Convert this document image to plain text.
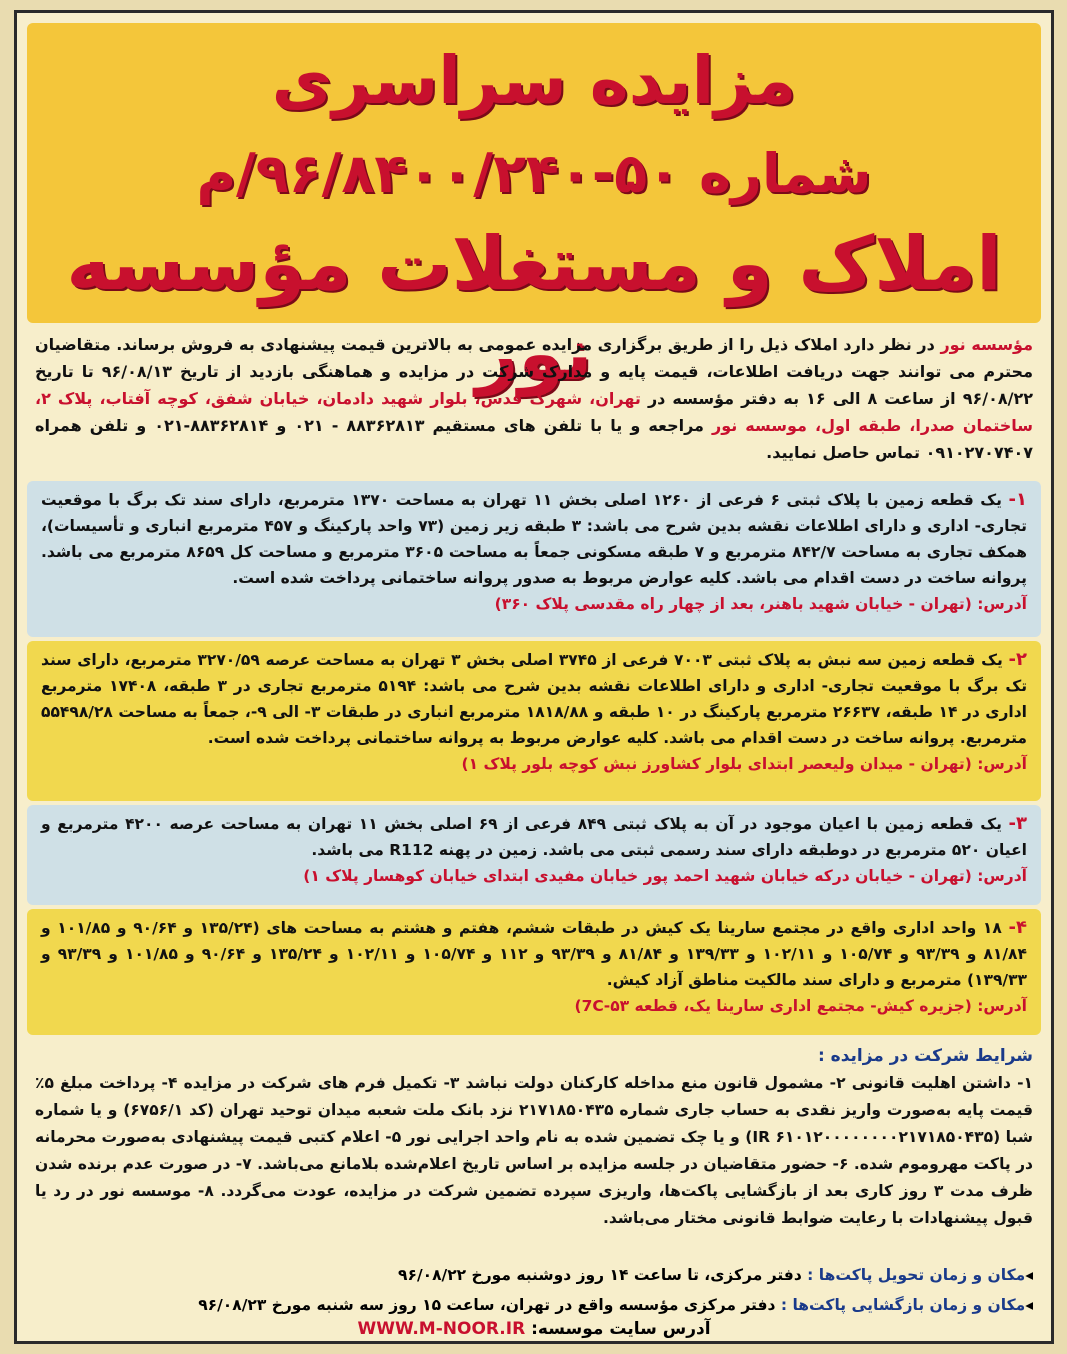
مزایده سراسری
شماره ۵۰-۹۶/۸۴۰۰/۲۴۰/م
املاک و مستغلات مؤسسه نور	مؤسسه نور در نظر دارد املاک ذیل را از طریق برگزاری مزایده عمومی به بالاترین قیمت پیشنهادی به فروش برساند. متقاضیان محترم می توانند جهت دریافت اطلاعات، قیمت پایه و مدارک شرکت در مزایده و هماهنگی بازدید از تاریخ ۹۶/۰۸/۱۳ تا تاریخ ۹۶/۰۸/۲۲ از ساعت ۸ الی ۱۶ به دفتر مؤسسه در تهران، شهرک قدس، بلوار شهید دادمان، خیابان شفق، کوچه آفتاب، پلاک ۲، ساختمان صدرا، طبقه اول، موسسه نور مراجعه و یا با تلفن های مستقیم ۸۸۳۶۲۸۱۳ - ۰۲۱ و ۸۸۳۶۲۸۱۴-۰۲۱ و تلفن همراه ۰۹۱۰۲۷۰۷۴۰۷ تماس حاصل نمایید.
۱- یک قطعه زمین با پلاک ثبتی ۶ فرعی از ۱۲۶۰ اصلی بخش ۱۱ تهران به مساحت ۱۳۷۰ مترمربع، دارای سند تک برگ با موقعیت تجاری- اداری و دارای اطلاعات نقشه بدین شرح می باشد: ۳ طبقه زیر زمین (۷۳ واحد پارکینگ و ۴۵۷ مترمربع انباری و تأسیسات)، همکف تجاری به مساحت ۸۴۲/۷ مترمربع و ۷ طبقه مسکونی جمعاً به مساحت ۳۶۰۵ مترمربع و مساحت کل ۸۶۵۹ مترمربع می باشد. پروانه ساخت در دست اقدام می باشد. کلیه عوارض مربوط به صدور پروانه ساختمانی پرداخت شده است.
آدرس: (تهران - خیابان شهید باهنر، بعد از چهار راه مقدسی پلاک ۳۶۰)
۲- یک قطعه زمین سه نبش به پلاک ثبتی ۷۰۰۳ فرعی از ۳۷۴۵ اصلی بخش ۳ تهران به مساحت عرصه ۳۲۷۰/۵۹ مترمربع، دارای سند تک برگ با موقعیت تجاری- اداری و دارای اطلاعات نقشه بدین شرح می باشد: ۵۱۹۴ مترمربع تجاری در ۳ طبقه، ۱۷۴۰۸ مترمربع اداری در ۱۴ طبقه، ۲۶۶۳۷ مترمربع پارکینگ در ۱۰ طبقه و ۱۸۱۸/۸۸ مترمربع انباری در طبقات ۳- الی ۹-، جمعاً به مساحت ۵۵۴۹۸/۲۸ مترمربع. پروانه ساخت در دست اقدام می باشد. کلیه عوارض مربوط به پروانه ساختمانی پرداخت شده است.
آدرس: (تهران - میدان ولیعصر ابتدای بلوار کشاورز نبش کوچه بلور پلاک ۱)
۳- یک قطعه زمین با اعیان موجود در آن به پلاک ثبتی ۸۴۹ فرعی از ۶۹ اصلی بخش ۱۱ تهران به مساحت عرصه ۴۲۰۰ مترمربع و اعیان ۵۲۰ مترمربع در دوطبقه دارای سند رسمی ثبتی می باشد. زمین در پهنه R112 می باشد.
آدرس: (تهران - خیابان درکه خیابان شهید احمد پور خیابان مفیدی ابتدای خیابان کوهسار پلاک ۱)
۴- ۱۸ واحد اداری واقع در مجتمع سارینا یک کیش در طبقات ششم، هفتم و هشتم به مساحت های (۱۳۵/۲۴ و ۹۰/۶۴ و ۱۰۱/۸۵ و ۸۱/۸۴ و ۹۳/۳۹ و ۱۰۵/۷۴ و ۱۰۲/۱۱ و ۱۳۹/۳۳ و ۸۱/۸۴ و ۹۳/۳۹ و ۱۱۲ و ۱۰۵/۷۴ و ۱۰۲/۱۱ و ۱۳۵/۲۴ و ۹۰/۶۴ و ۱۰۱/۸۵ و ۹۳/۳۹ و ۱۳۹/۳۳) مترمربع و دارای سند مالکیت مناطق آزاد کیش.
آدرس: (جزیره کیش- مجتمع اداری سارینا یک، قطعه ۵۳-7C)
شرایط شرکت در مزایده :
۱- داشتن اهلیت قانونی ۲- مشمول قانون منع مداخله کارکنان دولت نباشد ۳- تکمیل فرم های شرکت در مزایده ۴- پرداخت مبلغ ۵٪ قیمت پایه به‌صورت واریز نقدی به حساب جاری شماره ۲۱۷۱۸۵۰۴۳۵ نزد بانک ملت شعبه میدان توحید تهران (کد ۶۷۵۶/۱) و یا شماره شبا (IR ۶۱۰۱۲۰۰۰۰۰۰۰۰۲۱۷۱۸۵۰۴۳۵) و یا چک تضمین شده به نام واحد اجرایی نور ۵- اعلام کتبی قیمت پیشنهادی به‌صورت محرمانه در پاکت مهروموم شده. ۶- حضور متقاضیان در جلسه مزایده بر اساس تاریخ اعلام‌شده بلامانع می‌باشد. ۷- در صورت عدم برنده شدن ظرف مدت ۳ روز کاری بعد از بازگشایی پاکت‌ها، واریزی سپرده تضمین شرکت در مزایده، عودت می‌گردد. ۸- موسسه نور در رد یا قبول پیشنهادات با رعایت ضوابط قانونی مختار می‌باشد.
◂مکان و زمان تحویل پاکت‌ها : دفتر مرکزی، تا ساعت ۱۴ روز دوشنبه مورخ ۹۶/۰۸/۲۲
◂مکان و زمان بازگشایی پاکت‌ها : دفتر مرکزی مؤسسه واقع در تهران، ساعت ۱۵ روز سه شنبه مورخ ۹۶/۰۸/۲۳
آدرس سایت موسسه: WWW.M-NOOR.IR
